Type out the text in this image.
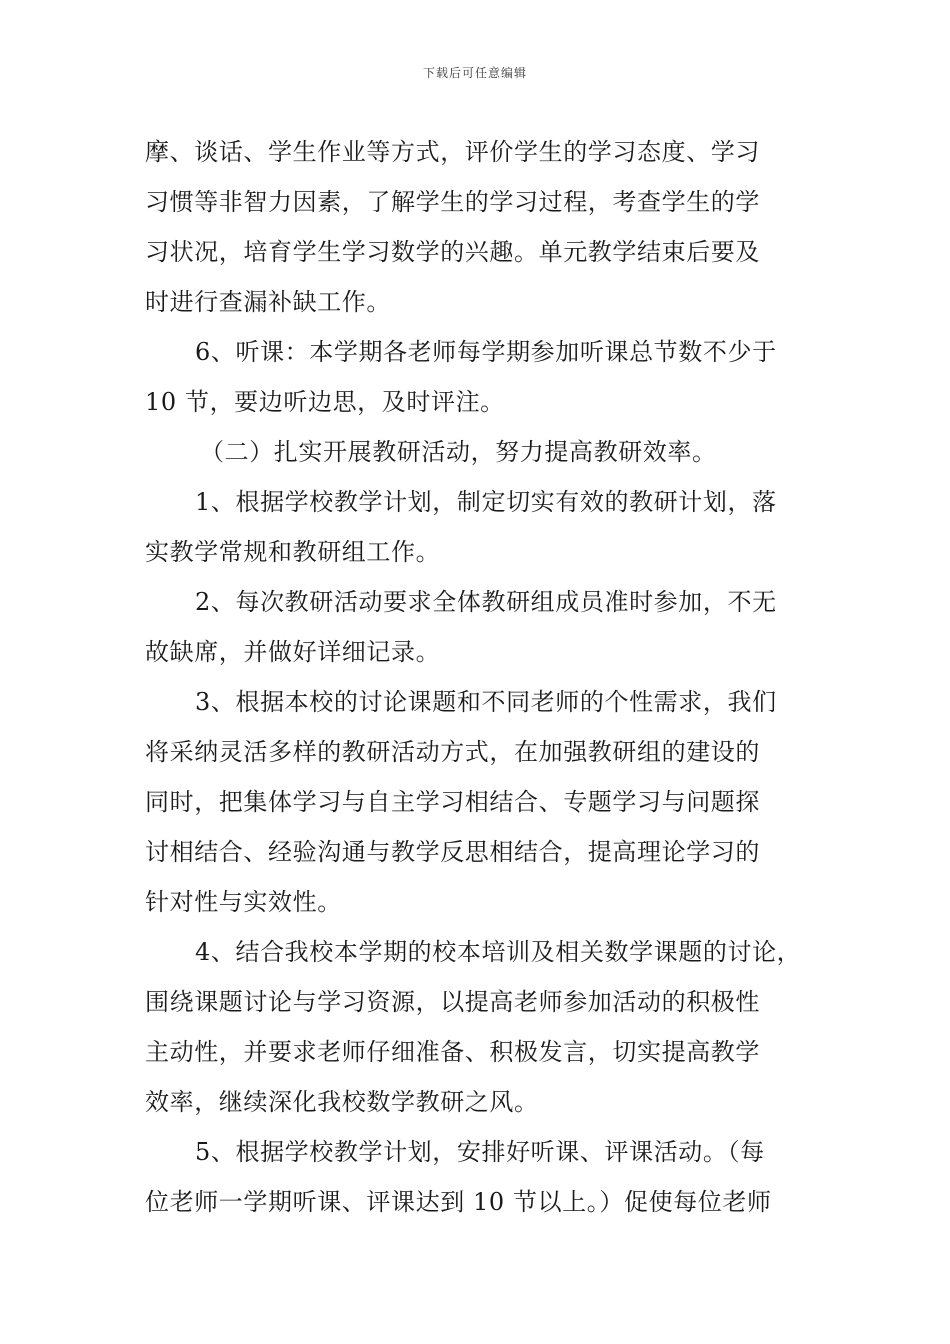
下载后可任意编辑
摩、谈话、学生作业等方式，评价学生的学习态度、学习
习惯等非智力因素，了解学生的学习过程，考查学生的学
习状况，培育学生学习数学的兴趣。单元教学结束后要及
时进行查漏补缺工作。
6、听课：本学期各老师每学期参加听课总节数不少于
10 节，要边听边思，及时评注。
（二）扎实开展教研活动，努力提高教研效率。
1、根据学校教学计划，制定切实有效的教研计划，落
实教学常规和教研组工作。
2、每次教研活动要求全体教研组成员准时参加，不无
故缺席，并做好详细记录。
3、根据本校的讨论课题和不同老师的个性需求，我们
将采纳灵活多样的教研活动方式，在加强教研组的建设的
同时，把集体学习与自主学习相结合、专题学习与问题探
讨相结合、经验沟通与教学反思相结合，提高理论学习的
针对性与实效性。
4、结合我校本学期的校本培训及相关数学课题的讨论，
围绕课题讨论与学习资源，以提高老师参加活动的积极性
主动性，并要求老师仔细准备、积极发言，切实提高教学
效率，继续深化我校数学教研之风。
5、根据学校教学计划，安排好听课、评课活动。（每
位老师一学期听课、评课达到 10 节以上。）促使每位老师
